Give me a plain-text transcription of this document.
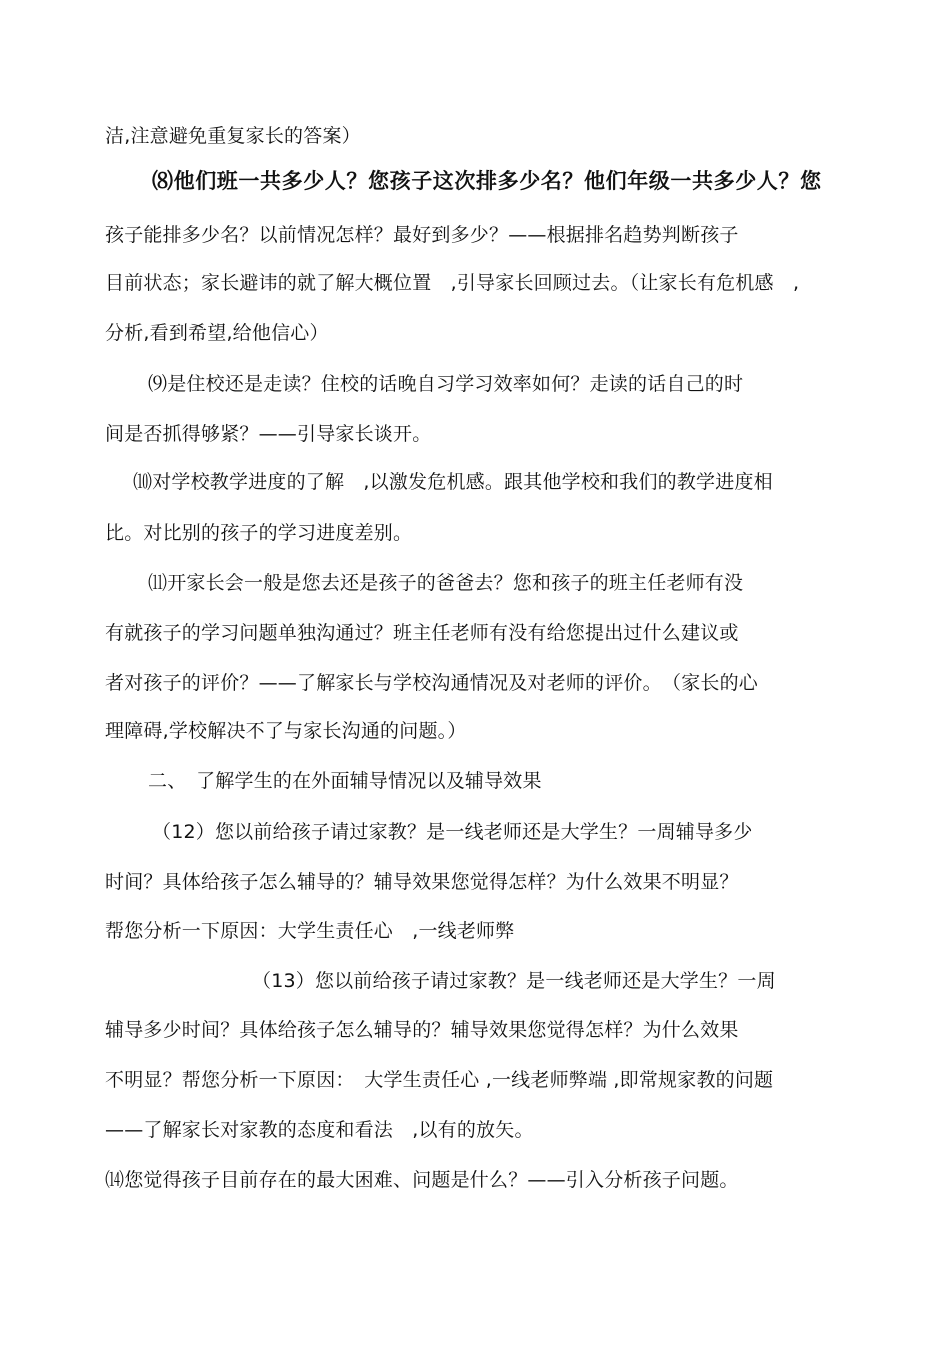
洁,注意避免重复家长的答案）
⑻他们班一共多少人？您孩子这次排多少名？他们年级一共多少人？您
孩子能排多少名？以前情况怎样？最好到多少？——根据排名趋势判断孩子
目前状态；家长避讳的就了解大概位置　,引导家长回顾过去。（让家长有危机感　,
分析,看到希望,给他信心）
⑼是住校还是走读？住校的话晚自习学习效率如何？走读的话自己的时
间是否抓得够紧？——引导家长谈开。
⑽对学校教学进度的了解　,以激发危机感。跟其他学校和我们的教学进度相
比。对比别的孩子的学习进度差别。
⑾开家长会一般是您去还是孩子的爸爸去？您和孩子的班主任老师有没
有就孩子的学习问题单独沟通过？班主任老师有没有给您提出过什么建议或
者对孩子的评价？——了解家长与学校沟通情况及对老师的评价。　（家长的心
理障碍,学校解决不了与家长沟通的问题。）
二、　了解学生的在外面辅导情况以及辅导效果
（12）您以前给孩子请过家教？是一线老师还是大学生？一周辅导多少
时间？具体给孩子怎么辅导的？辅导效果您觉得怎样？为什么效果不明显？
帮您分析一下原因：大学生责任心　,一线老师弊
（13）您以前给孩子请过家教？是一线老师还是大学生？一周
辅导多少时间？具体给孩子怎么辅导的？辅导效果您觉得怎样？为什么效果
不明显？帮您分析一下原因：　大学生责任心 ,一线老师弊端 ,即常规家教的问题
——了解家长对家教的态度和看法　,以有的放矢。
⒁您觉得孩子目前存在的最大困难、问题是什么？——引入分析孩子问题。
